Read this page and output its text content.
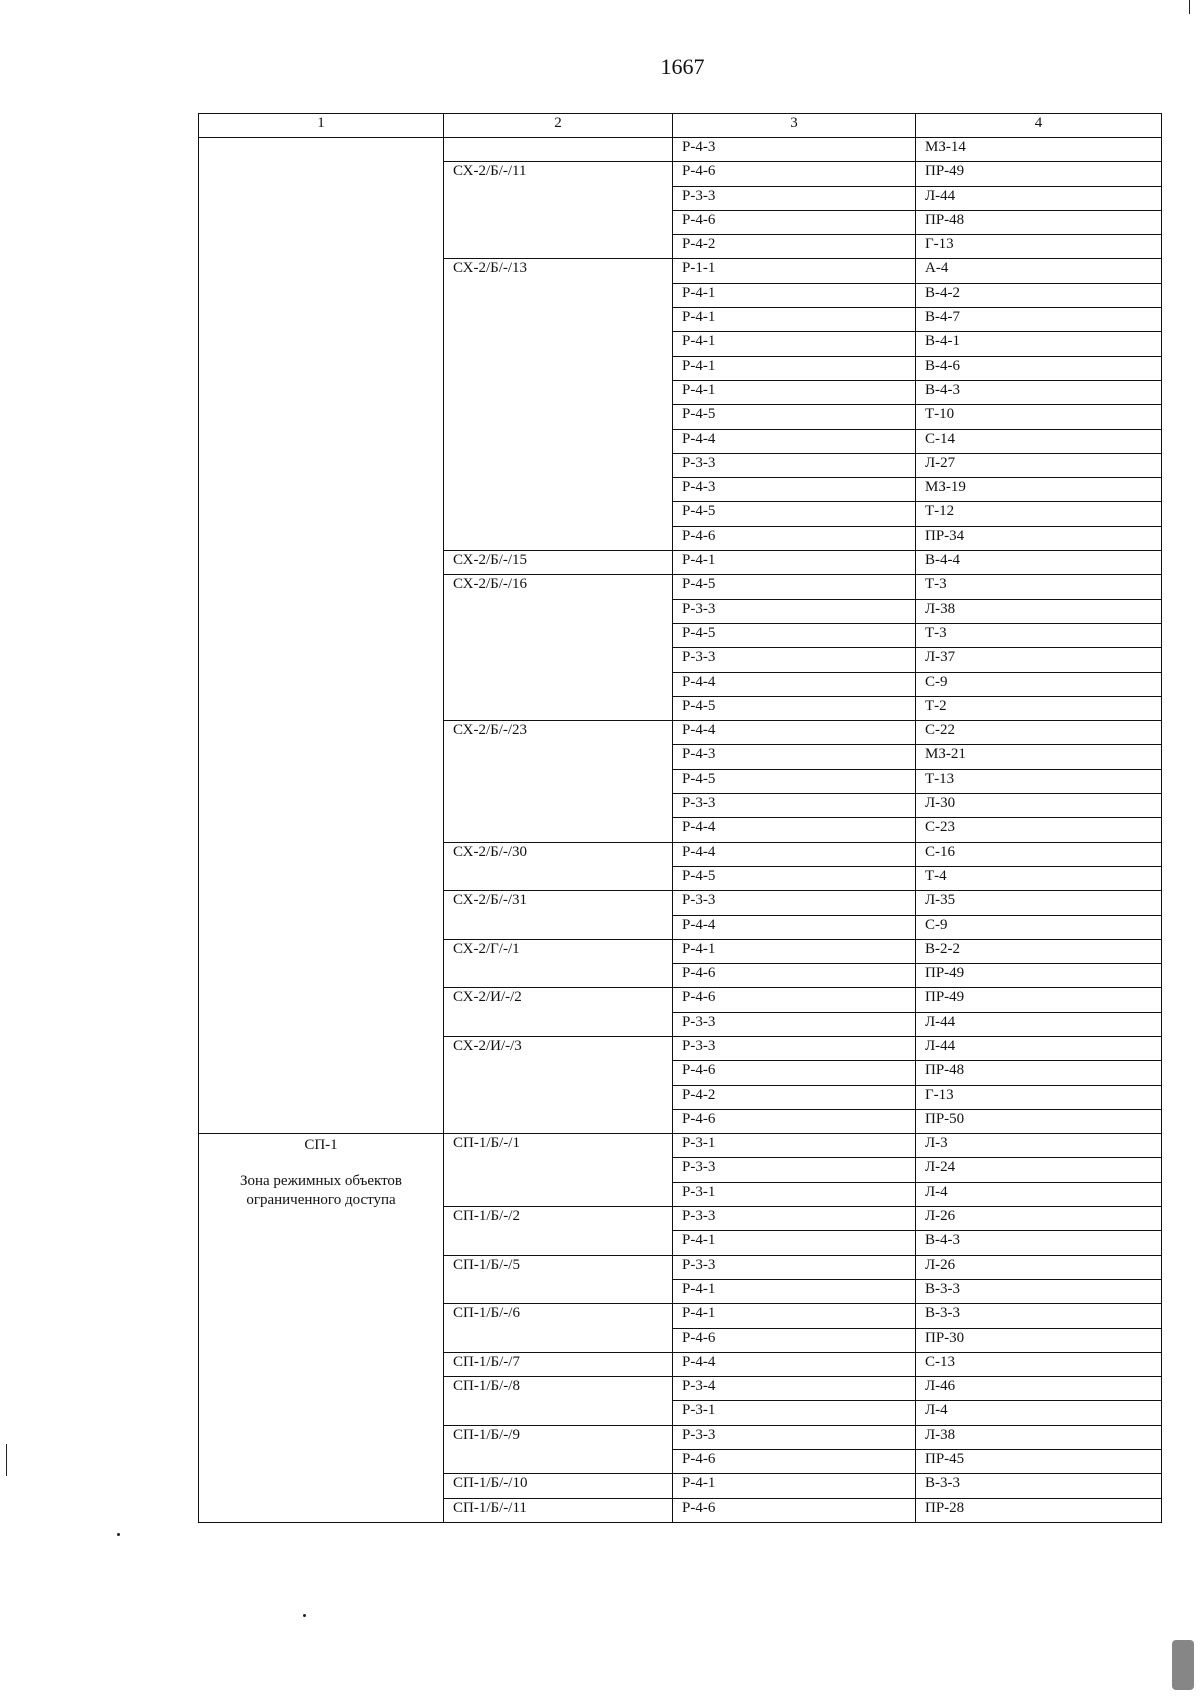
1667
1	2	3	4

		Р-4-3	МЗ-14
	СХ-2/Б/-/11	Р-4-6	ПР-49
		Р-3-3	Л-44
		Р-4-6	ПР-48
		Р-4-2	Г-13
	СХ-2/Б/-/13	Р-1-1	А-4
		Р-4-1	В-4-2
		Р-4-1	В-4-7
		Р-4-1	В-4-1
		Р-4-1	В-4-6
		Р-4-1	В-4-3
		Р-4-5	Т-10
		Р-4-4	С-14
		Р-3-3	Л-27
		Р-4-3	МЗ-19
		Р-4-5	Т-12
		Р-4-6	ПР-34
	СХ-2/Б/-/15	Р-4-1	В-4-4
	СХ-2/Б/-/16	Р-4-5	Т-3
		Р-3-3	Л-38
		Р-4-5	Т-3
		Р-3-3	Л-37
		Р-4-4	С-9
		Р-4-5	Т-2
	СХ-2/Б/-/23	Р-4-4	С-22
		Р-4-3	МЗ-21
		Р-4-5	Т-13
		Р-3-3	Л-30
		Р-4-4	С-23
	СХ-2/Б/-/30	Р-4-4	С-16
		Р-4-5	Т-4
	СХ-2/Б/-/31	Р-3-3	Л-35
		Р-4-4	С-9
	СХ-2/Г/-/1	Р-4-1	В-2-2
		Р-4-6	ПР-49
	СХ-2/И/-/2	Р-4-6	ПР-49
		Р-3-3	Л-44
	СХ-2/И/-/3	Р-3-3	Л-44
		Р-4-6	ПР-48
		Р-4-2	Г-13
		Р-4-6	ПР-50

СП-1
Зона режимных объектов ограниченного доступа	СП-1/Б/-/1	Р-3-1	Л-3
		Р-3-3	Л-24
		Р-3-1	Л-4
	СП-1/Б/-/2	Р-3-3	Л-26
		Р-4-1	В-4-3
	СП-1/Б/-/5	Р-3-3	Л-26
		Р-4-1	В-3-3
	СП-1/Б/-/6	Р-4-1	В-3-3
		Р-4-6	ПР-30
	СП-1/Б/-/7	Р-4-4	С-13
	СП-1/Б/-/8	Р-3-4	Л-46
		Р-3-1	Л-4
	СП-1/Б/-/9	Р-3-3	Л-38
		Р-4-6	ПР-45
	СП-1/Б/-/10	Р-4-1	В-3-3
	СП-1/Б/-/11	Р-4-6	ПР-28
